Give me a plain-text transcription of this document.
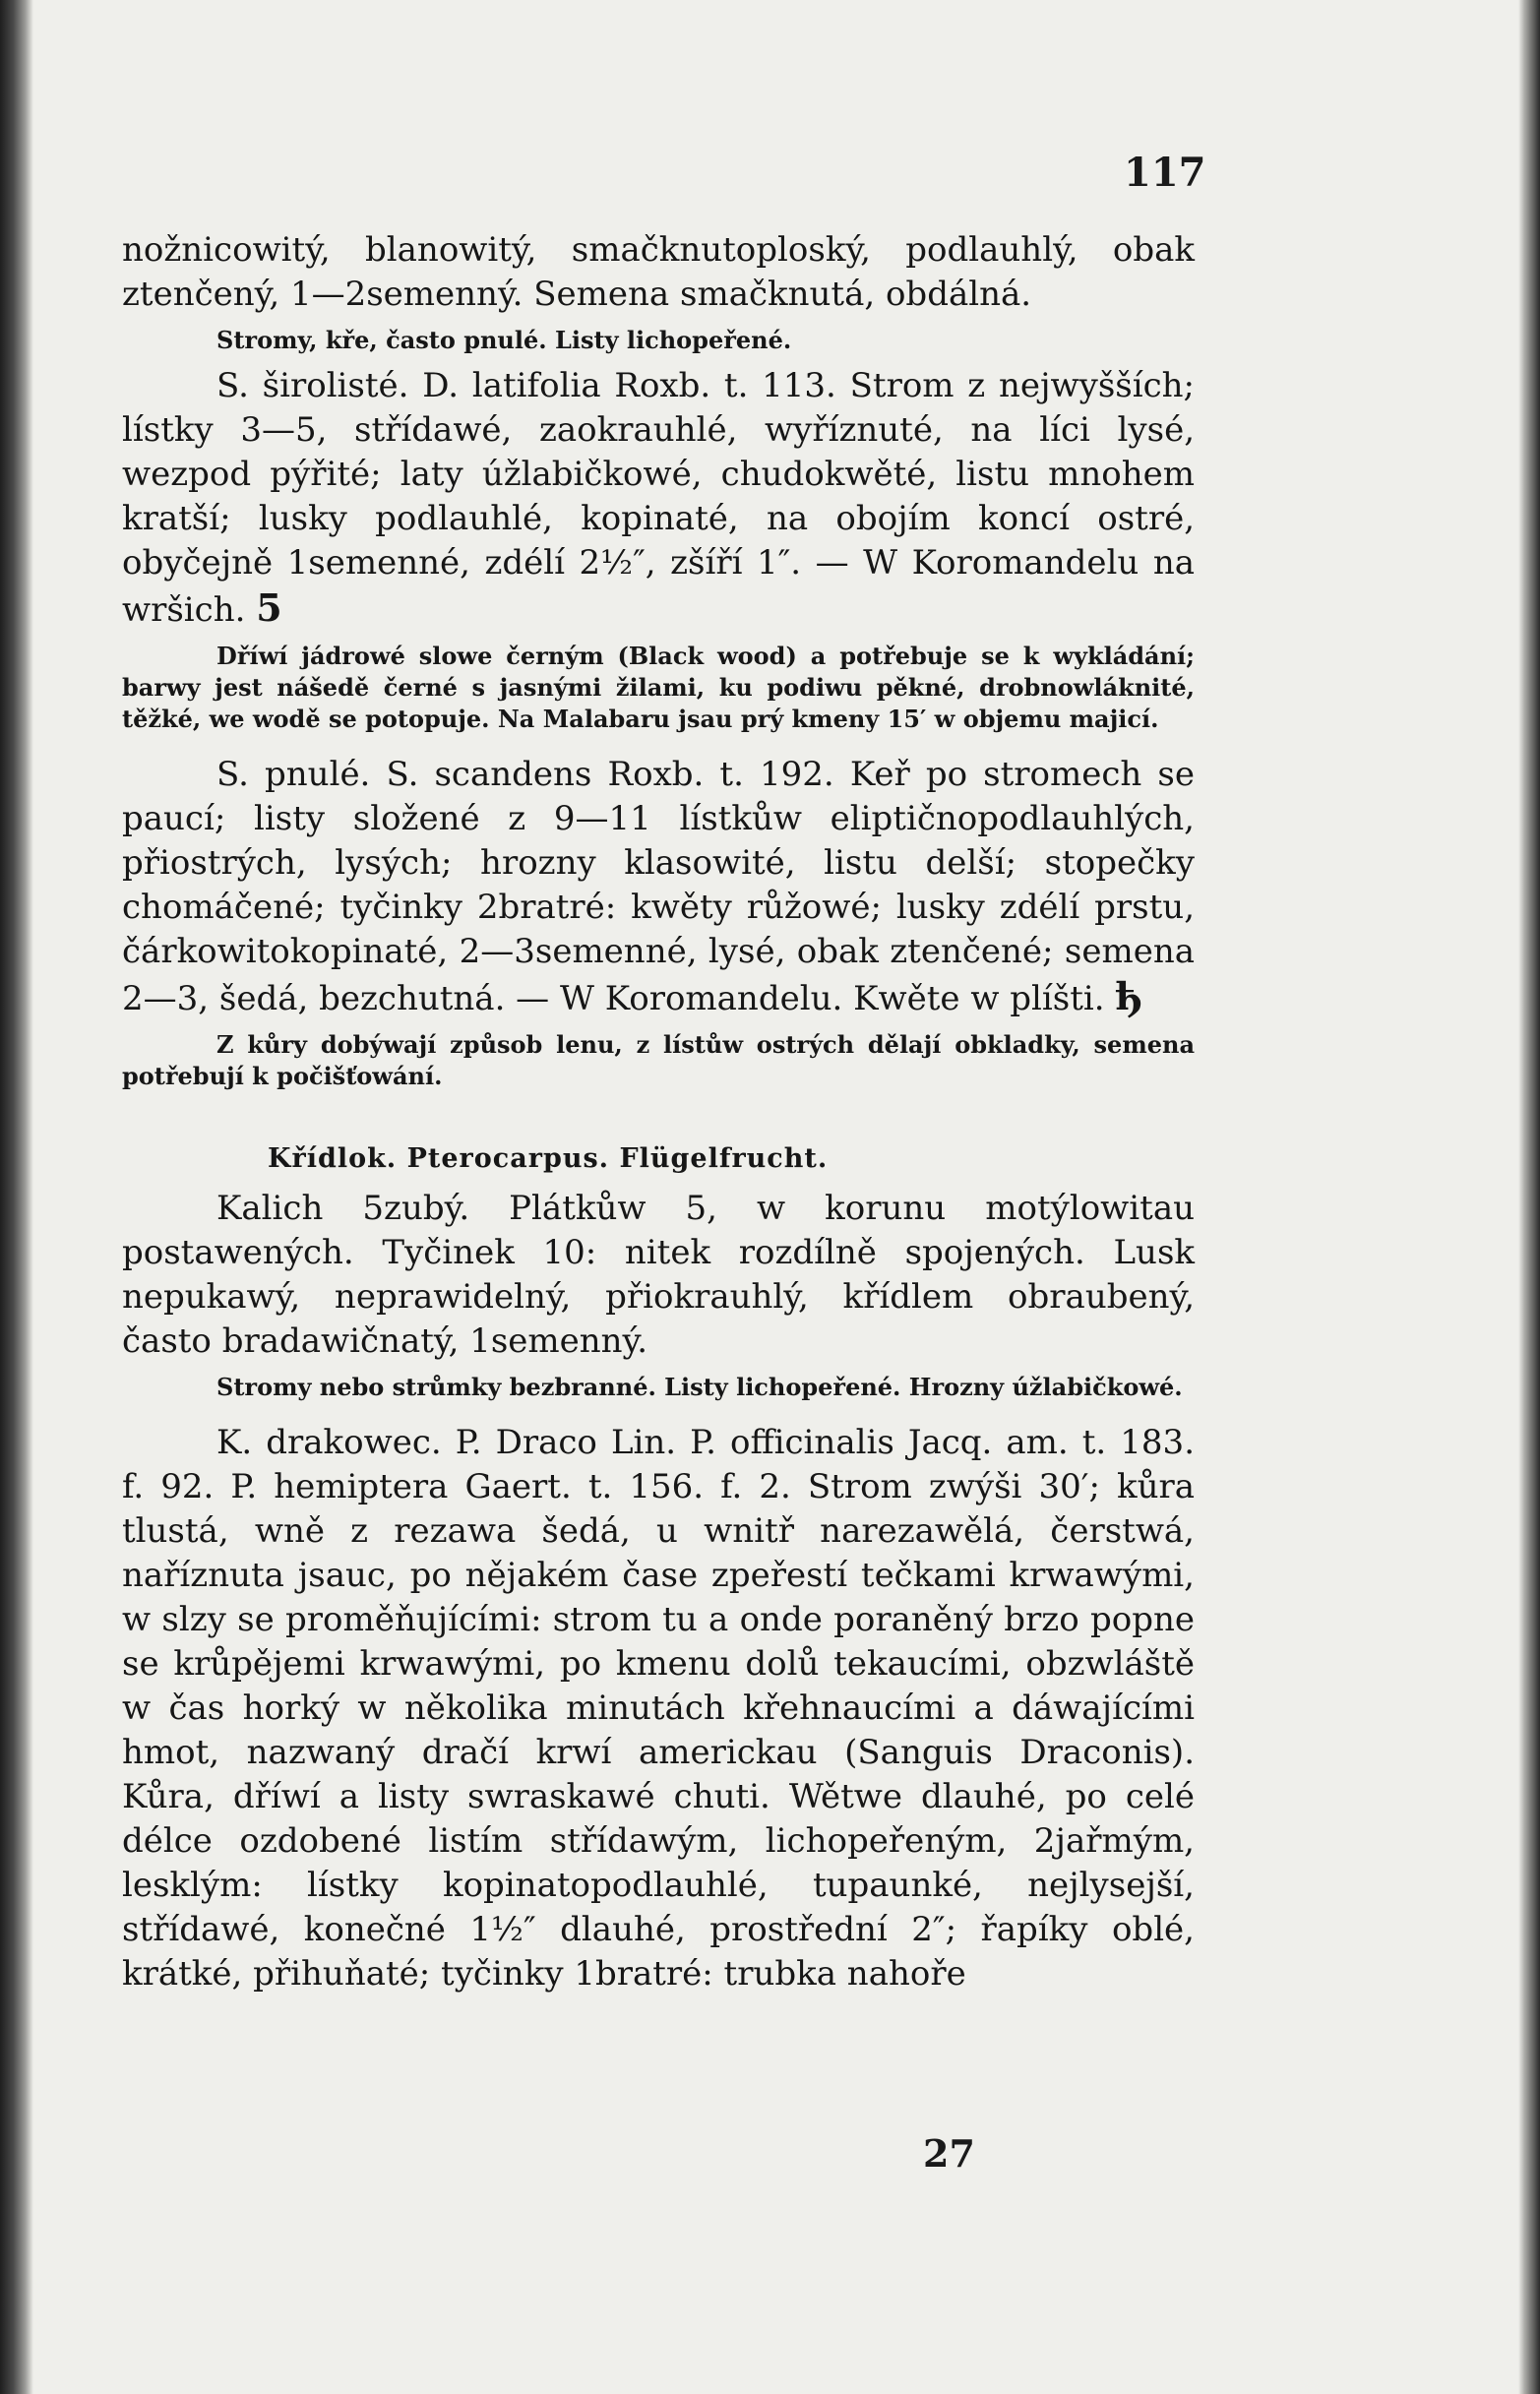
117

nožnicowitý, blanowitý, smačknutoploský, podlauhlý, obak ztenčený, 1—2semenný. Semena smačknutá, obdálná.

Stromy, kře, často pnulé. Listy lichopeřené.

S. širolisté. D. latifolia Roxb. t. 113. Strom z nejwyšších; lístky 3—5, střídawé, zaokrauhlé, wyříznuté, na líci lysé, wezpod pýřité; laty úžlabičkowé, chudokwěté, listu mnohem kratší; lusky podlauhlé, kopinaté, na obojím koncí ostré, obyčejně 1semenné, zdélí 2½″, zšíří 1″. — W Koromandelu na wršich. 5

Dříwí jádrowé slowe černým (Black wood) a potřebuje se k wykládání; barwy jest nášedě černé s jasnými žilami, ku podiwu pěkné, drobnowláknité, těžké, we wodě se potopuje. Na Malabaru jsau prý kmeny 15′ w objemu majicí.

S. pnulé. S. scandens Roxb. t. 192. Keř po stromech se paucí; listy složené z 9—11 lístkůw eliptičnopodlauhlých, přiostrých, lysých; hrozny klasowité, listu delší; stopečky chomáčené; tyčinky 2bratré: kwěty růžowé; lusky zdélí prstu, čárkowitokopinaté, 2—3semenné, lysé, obak ztenčené; semena 2—3, šedá, bezchutná. — W Koromandelu. Kwěte w plíšti. ђ

Z kůry dobýwají způsob lenu, z lístůw ostrých dělají obkladky, semena potřebují k počišťowání.

Křídlok. Pterocarpus. Flügelfrucht.

Kalich 5zubý. Plátkůw 5, w korunu motýlowitau postawených. Tyčinek 10: nitek rozdílně spojených. Lusk nepukawý, neprawidelný, přiokrauhlý, křídlem obraubený, často bradawičnatý, 1semenný.

Stromy nebo strůmky bezbranné. Listy lichopeřené. Hrozny úžlabičkowé.

K. drakowec. P. Draco Lin. P. officinalis Jacq. am. t. 183. f. 92. P. hemiptera Gaert. t. 156. f. 2. Strom zwýši 30′; kůra tlustá, wně z rezawa šedá, u wnitř narezawělá, čerstwá, naříznuta jsauc, po nějakém čase zpeřestí tečkami krwawými, w slzy se proměňujícími: strom tu a onde poraněný brzo popne se krůpějemi krwawými, po kmenu dolů tekaucími, obzwláště w čas horký w několika minutách křehnaucími a dáwajícími hmot, nazwaný dračí krwí americkau (Sanguis Draconis). Kůra, dříwí a listy swraskawé chuti. Wětwe dlauhé, po celé délce ozdobené listím střídawým, lichopeřeným, 2jařmým, lesklým: lístky kopinatopodlauhlé, tupaunké, nejlysejší, střídawé, konečné 1½″ dlauhé, prostřední 2″; řapíky oblé, krátké, přihuňaté; tyčinky 1bratré: trubka nahoře

27
